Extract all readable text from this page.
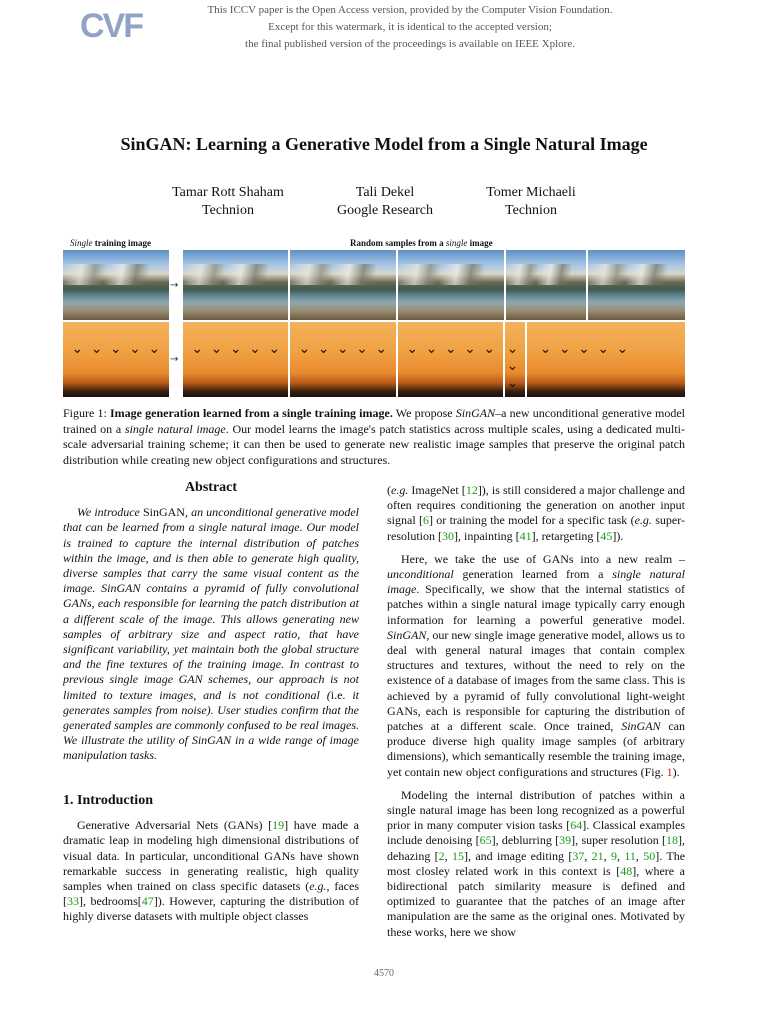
CVF	This ICCV paper is the Open Access version, provided by the Computer Vision Foundation.
Except for this watermark, it is identical to the accepted version;
the final published version of the proceedings is available on IEEE Xplore.
SinGAN: Learning a Generative Model from a Single Natural Image
Tamar Rott Shaham
Technion
Tali Dekel
Google Research
Tomer Michaeli
Technion
Single training image	Random samples from a single image
→
⌄ ⌄ ⌄ ⌄ ⌄
→
⌄ ⌄ ⌄ ⌄ ⌄
⌄ ⌄ ⌄ ⌄ ⌄
⌄ ⌄ ⌄ ⌄ ⌄
⌄ ⌄ ⌄ ⌄ ⌄
⌄ ⌄ ⌄ ⌄ ⌄
Figure 1: Image generation learned from a single training image. We propose SinGAN–a new unconditional generative model trained on a single natural image. Our model learns the image's patch statistics across multiple scales, using a dedicated multi-scale adversarial training scheme; it can then be used to generate new realistic image samples that preserve the original patch distribution while creating new object configurations and structures.
Abstract

We introduce SinGAN, an unconditional generative model that can be learned from a single natural image. Our model is trained to capture the internal distribution of patches within the image, and is then able to generate high quality, diverse samples that carry the same visual content as the image. SinGAN contains a pyramid of fully convolutional GANs, each responsible for learning the patch distribution at a different scale of the image. This allows generating new samples of arbitrary size and aspect ratio, that have significant variability, yet maintain both the global structure and the fine textures of the training image. In contrast to previous single image GAN schemes, our approach is not limited to texture images, and is not conditional (i.e. it generates samples from noise). User studies confirm that the generated samples are commonly confused to be real images. We illustrate the utility of SinGAN in a wide range of image manipulation tasks.

1. Introduction

Generative Adversarial Nets (GANs) [19] have made a dramatic leap in modeling high dimensional distributions of visual data. In particular, unconditional GANs have shown remarkable success in generating realistic, high quality samples when trained on class specific datasets (e.g., faces [33], bedrooms[47]). However, capturing the distribution of highly diverse datasets with multiple object classes

(e.g. ImageNet [12]), is still considered a major challenge and often requires conditioning the generation on another input signal [6] or training the model for a specific task (e.g. super-resolution [30], inpainting [41], retargeting [45]).

Here, we take the use of GANs into a new realm – unconditional generation learned from a single natural image. Specifically, we show that the internal statistics of patches within a single natural image typically carry enough information for learning a powerful generative model. SinGAN, our new single image generative model, allows us to deal with general natural images that contain complex structures and textures, without the need to rely on the existence of a database of images from the same class. This is achieved by a pyramid of fully convolutional light-weight GANs, each is responsible for capturing the distribution of patches at a different scale. Once trained, SinGAN can produce diverse high quality image samples (of arbitrary dimensions), which semantically resemble the training image, yet contain new object configurations and structures (Fig. 1).

Modeling the internal distribution of patches within a single natural image has been long recognized as a powerful prior in many computer vision tasks [64]. Classical examples include denoising [65], deblurring [39], super resolution [18], dehazing [2, 15], and image editing [37, 21, 9, 11, 50]. The most closley related work in this context is [48], where a bidirectional patch similarity measure is defined and optimized to guarantee that the patches of an image after manipulation are the same as the original ones. Motivated by these works, here we show

4570
